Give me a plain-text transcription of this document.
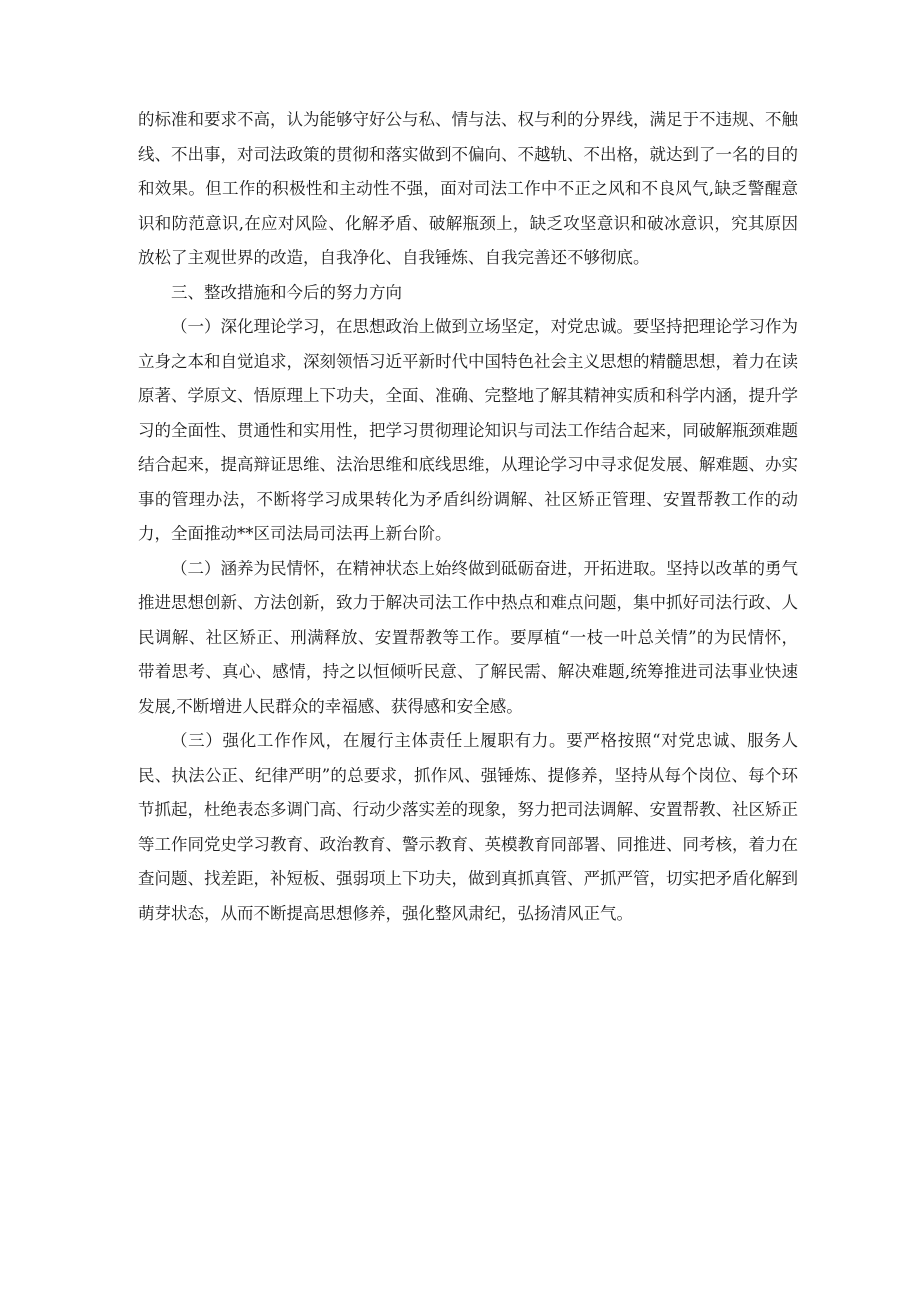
的标准和要求不高，认为能够守好公与私、情与法、权与利的分界线，满足于不违规、不触线、不出事，对司法政策的贯彻和落实做到不偏向、不越轨、不出格，就达到了一名的目的和效果。但工作的积极性和主动性不强，面对司法工作中不正之风和不良风气,缺乏警醒意识和防范意识,在应对风险、化解矛盾、破解瓶颈上，缺乏攻坚意识和破冰意识，究其原因放松了主观世界的改造，自我净化、自我锤炼、自我完善还不够彻底。

三、整改措施和今后的努力方向

（一）深化理论学习，在思想政治上做到立场坚定，对党忠诚。要坚持把理论学习作为立身之本和自觉追求，深刻领悟习近平新时代中国特色社会主义思想的精髓思想，着力在读原著、学原文、悟原理上下功夫，全面、准确、完整地了解其精神实质和科学内涵，提升学习的全面性、贯通性和实用性，把学习贯彻理论知识与司法工作结合起来，同破解瓶颈难题结合起来，提高辩证思维、法治思维和底线思维，从理论学习中寻求促发展、解难题、办实事的管理办法，不断将学习成果转化为矛盾纠纷调解、社区矫正管理、安置帮教工作的动力，全面推动**区司法局司法再上新台阶。

（二）涵养为民情怀，在精神状态上始终做到砥砺奋进，开拓进取。坚持以改革的勇气推进思想创新、方法创新，致力于解决司法工作中热点和难点问题，集中抓好司法行政、人民调解、社区矫正、刑满释放、安置帮教等工作。要厚植“一枝一叶总关情”的为民情怀，带着思考、真心、感情，持之以恒倾听民意、了解民需、解决难题,统筹推进司法事业快速发展,不断增进人民群众的幸福感、获得感和安全感。

（三）强化工作作风，在履行主体责任上履职有力。要严格按照“对党忠诚、服务人民、执法公正、纪律严明”的总要求，抓作风、强锤炼、提修养，坚持从每个岗位、每个环节抓起，杜绝表态多调门高、行动少落实差的现象，努力把司法调解、安置帮教、社区矫正等工作同党史学习教育、政治教育、警示教育、英模教育同部署、同推进、同考核，着力在查问题、找差距，补短板、强弱项上下功夫，做到真抓真管、严抓严管，切实把矛盾化解到萌芽状态，从而不断提高思想修养，强化整风肃纪，弘扬清风正气。
